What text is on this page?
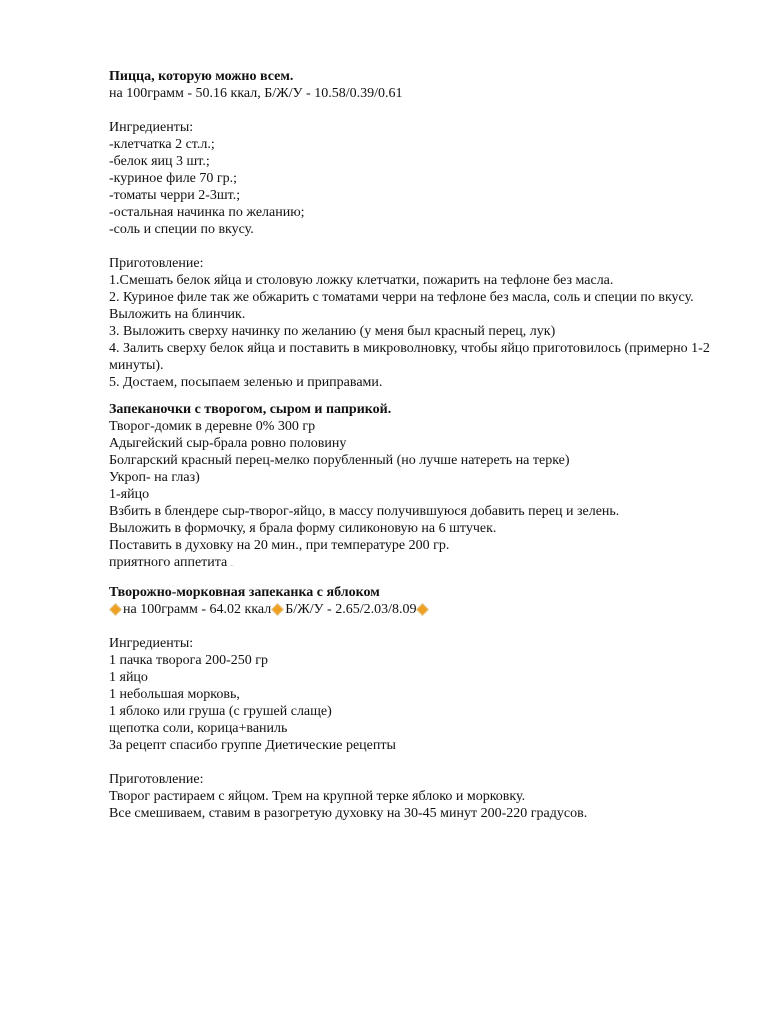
Пицца, которую можно всем.
на 100грамм - 50.16 ккал, Б/Ж/У - 10.58/0.39/0.61
Ингредиенты:
-клетчатка 2 ст.л.;
-белок яиц 3 шт.;
-куриное филе 70 гр.;
-томаты черри 2-3шт.;
-остальная начинка по желанию;
-соль и специи по вкусу.
Приготовление:
1.Смешать белок яйца и столовую ложку клетчатки, пожарить на тефлоне без масла.
2. Куриное филе так же обжарить с томатами черри на тефлоне без масла, соль и специи по вкусу. Выложить на блинчик.
3. Выложить сверху начинку по желанию (у меня был красный перец, лук)
4. Залить сверху белок яйца и поставить в микроволновку, чтобы яйцо приготовилось (примерно 1-2 минуты).
5. Достаем, посыпаем зеленью и приправами.
Запеканочки с творогом, сыром и паприкой.
Творог-домик в деревне 0% 300 гр
Адыгейский сыр-брала ровно половину
Болгарский красный перец-мелко порубленный (но лучше натереть на терке)
Укроп- на глаз)
1-яйцо
Взбить в блендере сыр-творог-яйцо, в массу получившуюся добавить перец и зелень.
Выложить в формочку, я брала форму силиконовую на 6 штучек.
Поставить в духовку на 20 мин., при температуре 200 гр.
приятного аппетита ...
Творожно-морковная запеканка с яблоком
на 100грамм - 64.02 ккал Б/Ж/У - 2.65/2.03/8.09
Ингредиенты:
1 пачка творога 200-250 гр
1 яйцо
1 небольшая морковь,
1 яблоко или груша (с грушей слаще)
щепотка соли, корица+ваниль
За рецепт спасибо группе Диетические рецепты
Приготовление:
Творог растираем с яйцом. Трем на крупной терке яблоко и морковку.
Все смешиваем, ставим в разогретую духовку на 30-45 минут 200-220 градусов.
